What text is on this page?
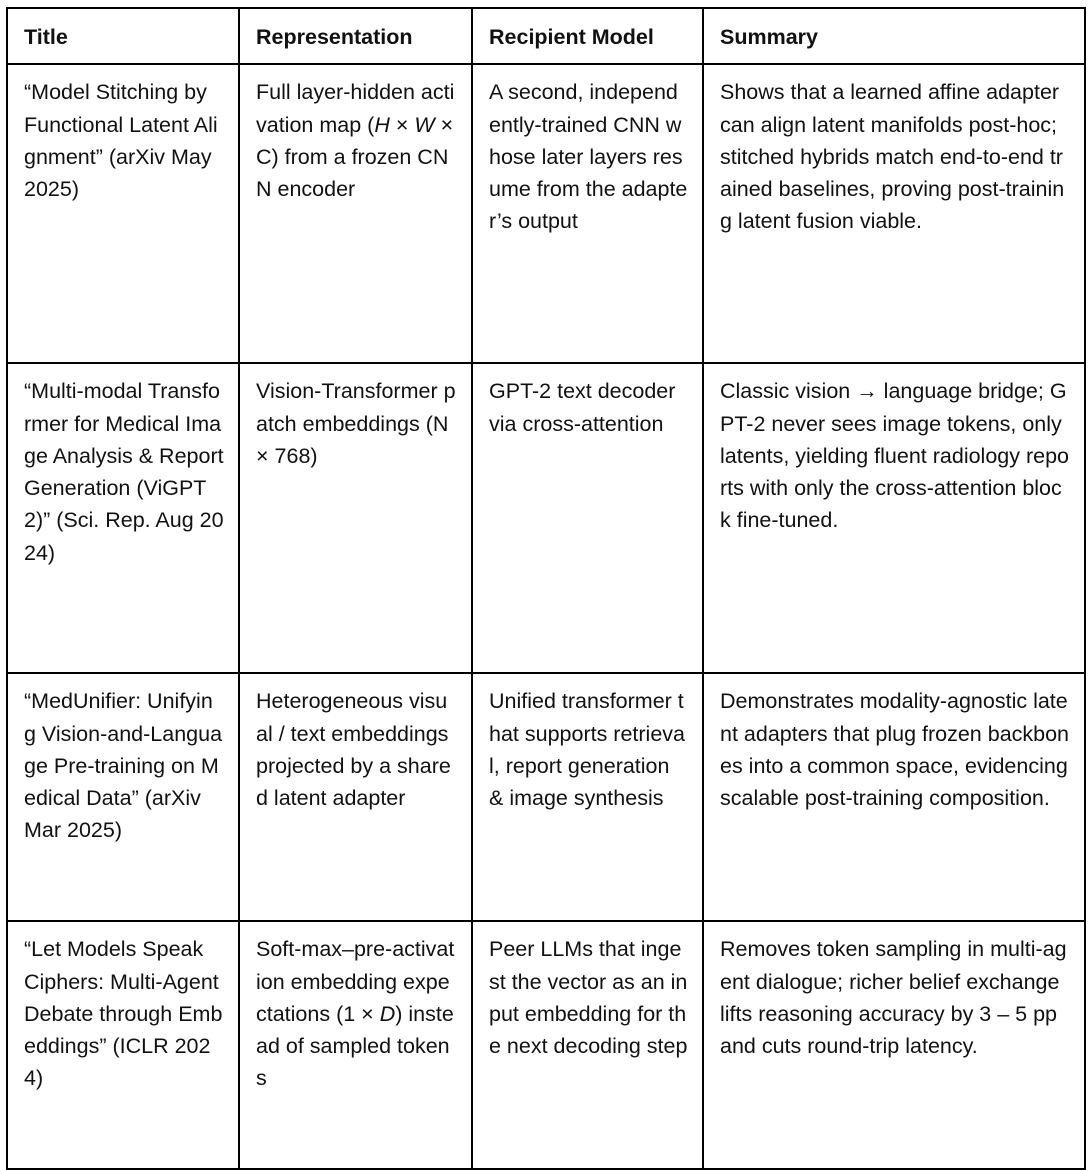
Title	Representation	Recipient Model	Summary
“Model Stitching by Functional Latent Alignment” (arXiv May 2025)	Full layer-hidden activation map (H × W × C) from a frozen CNN encoder	A second, independently-trained CNN whose later layers resume from the adapter’s output	Shows that a learned affine adapter can align latent manifolds post-hoc; stitched hybrids match end-to-end trained baselines, proving post-training latent fusion viable.
“Multi-modal Transformer for Medical Image Analysis & Report Generation (ViGPT2)” (Sci. Rep. Aug 2024)	Vision-Transformer patch embeddings (N × 768)	GPT-2 text decoder via cross-attention	Classic vision → language bridge; GPT-2 never sees image tokens, only latents, yielding fluent radiology reports with only the cross-attention block fine-tuned.
“MedUnifier: Unifying Vision-and-Language Pre-training on Medical Data” (arXiv Mar 2025)	Heterogeneous visual / text embeddings projected by a shared latent adapter	Unified transformer that supports retrieval, report generation & image synthesis	Demonstrates modality-agnostic latent adapters that plug frozen backbones into a common space, evidencing scalable post-training composition.
“Let Models Speak Ciphers: Multi-Agent Debate through Embeddings” (ICLR 2024)	Soft-max–pre-activation embedding expectations (1 × D) instead of sampled tokens	Peer LLMs that ingest the vector as an input embedding for the next decoding step	Removes token sampling in multi-agent dialogue; richer belief exchange lifts reasoning accuracy by 3 – 5 pp and cuts round-trip latency.
